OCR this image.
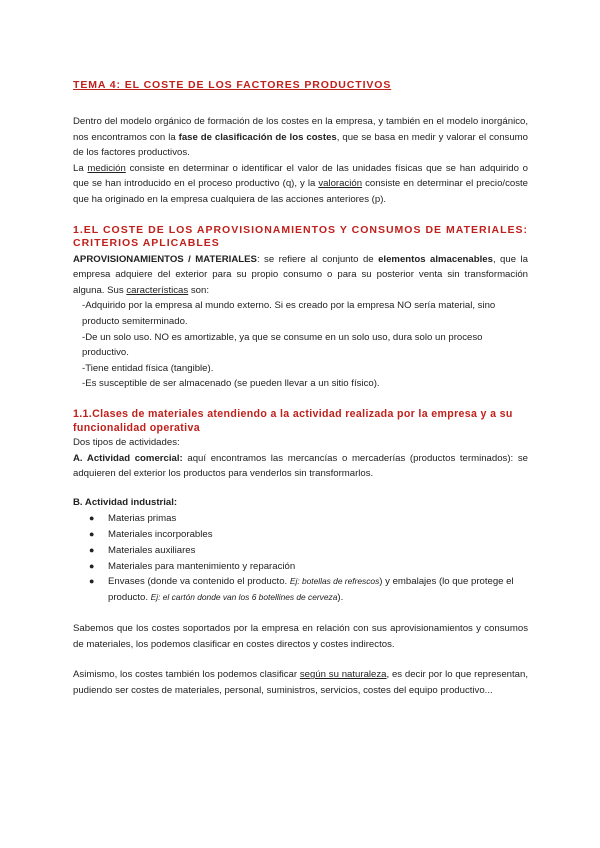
TEMA 4: EL COSTE DE LOS FACTORES PRODUCTIVOS

Dentro del modelo orgánico de formación de los costes en la empresa, y también en el modelo inorgánico, nos encontramos con la fase de clasificación de los costes, que se basa en medir y valorar el consumo de los factores productivos.

La medición consiste en determinar o identificar el valor de las unidades físicas que se han adquirido o que se han introducido en el proceso productivo (q), y la valoración consiste en determinar el precio/coste que ha originado en la empresa cualquiera de las acciones anteriores (p).

1.EL COSTE DE LOS APROVISIONAMIENTOS Y CONSUMOS DE MATERIALES: CRITERIOS APLICABLES

APROVISIONAMIENTOS / MATERIALES: se refiere al conjunto de elementos almacenables, que la empresa adquiere del exterior para su propio consumo o para su posterior venta sin transformación alguna. Sus características son:

-Adquirido por la empresa al mundo externo. Si es creado por la empresa NO sería material, sino
producto semiterminado.

-De un solo uso. NO es amortizable, ya que se consume en un solo uso, dura solo un proceso
productivo.

-Tiene entidad física (tangible).

-Es susceptible de ser almacenado (se pueden llevar a un sitio físico).

1.1.Clases de materiales atendiendo a la actividad realizada por la empresa y a su funcionalidad operativa

Dos tipos de actividades:

A. Actividad comercial: aquí encontramos las mercancías o mercaderías (productos terminados): se adquieren del exterior los productos para venderlos sin transformarlos.

B. Actividad industrial:

● Materias primas
● Materiales incorporables
● Materiales auxiliares
● Materiales para mantenimiento y reparación
● Envases (donde va contenido el producto. Ej: botellas de refrescos) y embalajes (lo que protege el producto. Ej: el cartón donde van los 6 botellines de cerveza).

Sabemos que los costes soportados por la empresa en relación con sus aprovisionamientos y consumos de materiales, los podemos clasificar en costes directos y costes indirectos.

Asimismo, los costes también los podemos clasificar según su naturaleza, es decir por lo que representan, pudiendo ser costes de materiales, personal, suministros, servicios, costes del equipo productivo...
